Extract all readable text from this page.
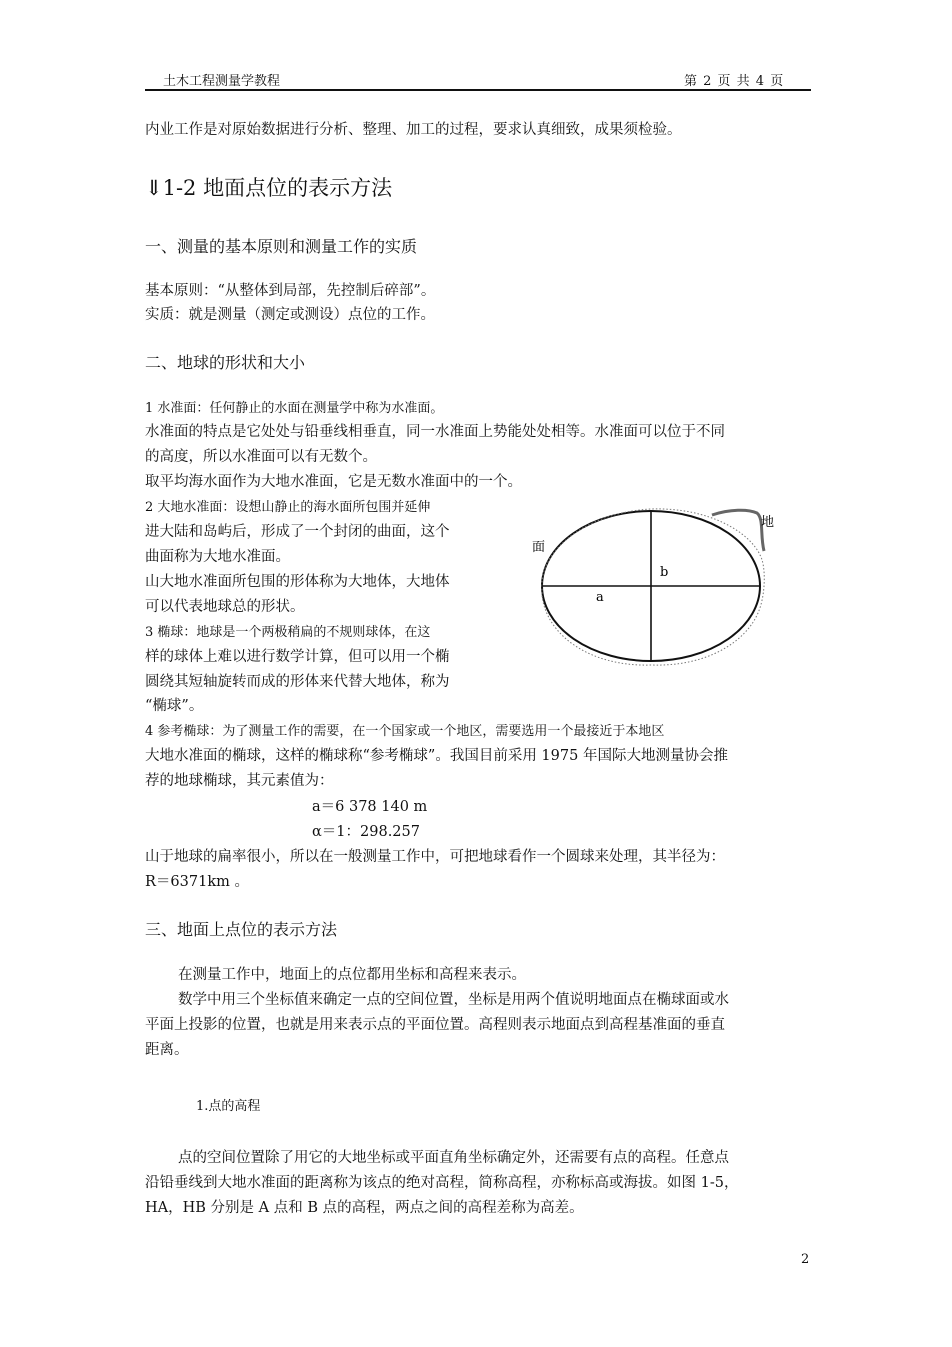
土木工程测量学教程	第 2 页 共 4 页
内业工作是对原始数据进行分析、整理、加工的过程，要求认真细致，成果须检验。
⇓1-2 地面点位的表示方法
一、测量的基本原则和测量工作的实质
基本原则：“从整体到局部，先控制后碎部”。
实质：就是测量（测定或测设）点位的工作。
二、地球的形状和大小
1 水准面：任何静止的水面在测量学中称为水准面。
水准面的特点是它处处与铅垂线相垂直，同一水准面上势能处处相等。水准面可以位于不同
的高度，所以水准面可以有无数个。
取平均海水面作为大地水准面，它是无数水准面中的一个。
2 大地水准面：设想山静止的海水面所包围并延伸
进大陆和岛屿后，形成了一个封闭的曲面，这个
曲面称为大地水准面。
山大地水准面所包围的形体称为大地体，大地体
可以代表地球总的形状。
3 椭球：地球是一个两极稍扁的不规则球体，在这
样的球体上难以进行数学计算，但可以用一个椭
圆绕其短轴旋转而成的形体来代替大地体，称为
“椭球”。
4 参考椭球：为了测量工作的需要，在一个国家或一个地区，需要选用一个最接近于本地区
大地水准面的椭球，这样的椭球称“参考椭球”。我国目前采用 1975 年国际大地测量协会推
荐的地球椭球，其元素值为：
a＝6 378 140 m
α＝1：298.257
山于地球的扁率很小，所以在一般测量工作中，可把地球看作一个圆球来处理，其半径为：
R＝6371km 。
地
面
b
a
三、地面上点位的表示方法
在测量工作中，地面上的点位都用坐标和高程来表示。
数学中用三个坐标值来确定一点的空间位置，坐标是用两个值说明地面点在椭球面或水
平面上投影的位置，也就是用来表示点的平面位置。高程则表示地面点到高程基准面的垂直
距离。
1.点的高程
点的空间位置除了用它的大地坐标或平面直角坐标确定外，还需要有点的高程。任意点
沿铅垂线到大地水准面的距离称为该点的绝对高程，简称高程，亦称标高或海拔。如图 1-5，
HA，HB 分别是 A 点和 B 点的高程，两点之间的高程差称为高差。
2
